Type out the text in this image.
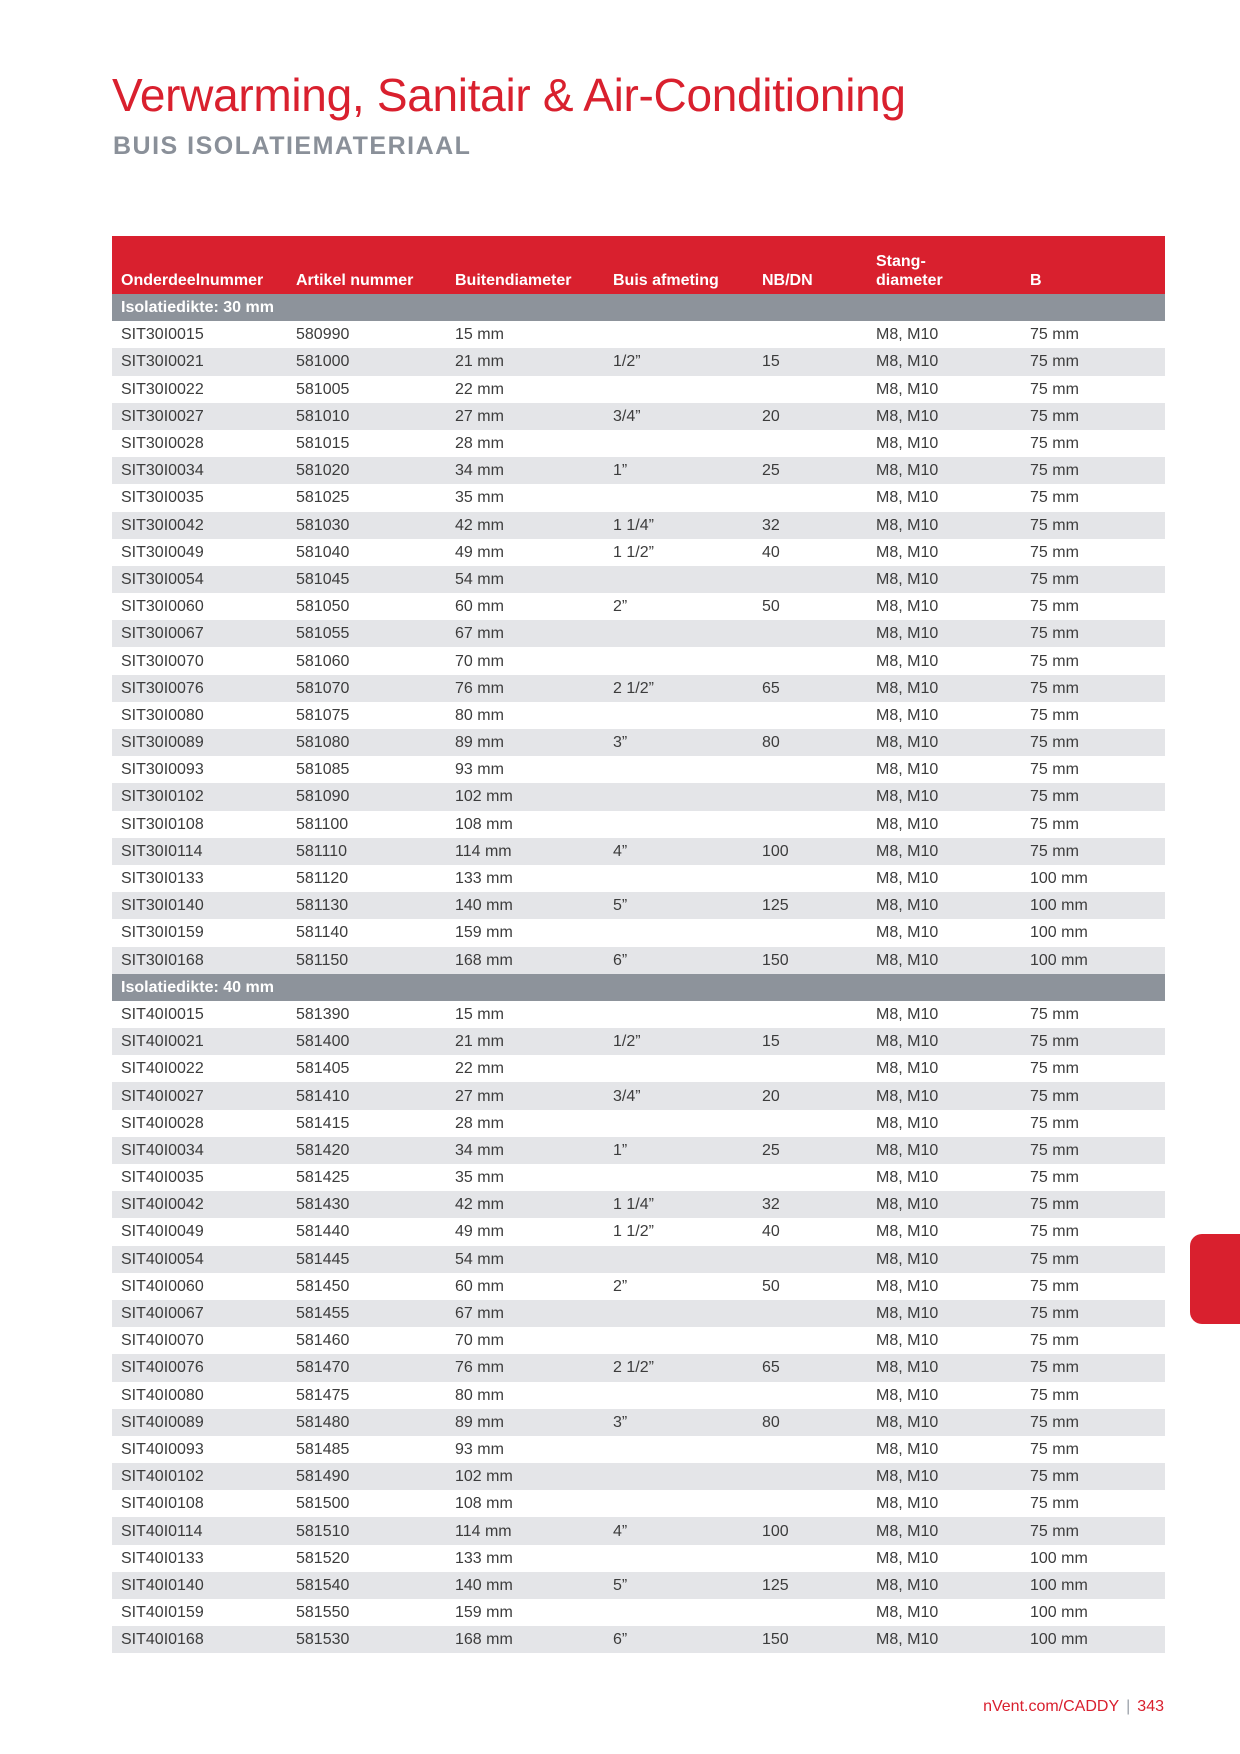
Verwarming, Sanitair & Air-Conditioning
BUIS ISOLATIEMATERIAAL
Onderdeelnummer	Artikel nummer	Buitendiameter	Buis afmeting	NB/DN	Stang-
diameter	B
Isolatiedikte: 30 mm						
SIT30I0015	580990	15 mm			M8, M10	75 mm
SIT30I0021	581000	21 mm	1/2”	15	M8, M10	75 mm
SIT30I0022	581005	22 mm			M8, M10	75 mm
SIT30I0027	581010	27 mm	3/4”	20	M8, M10	75 mm
SIT30I0028	581015	28 mm			M8, M10	75 mm
SIT30I0034	581020	34 mm	1”	25	M8, M10	75 mm
SIT30I0035	581025	35 mm			M8, M10	75 mm
SIT30I0042	581030	42 mm	1 1/4”	32	M8, M10	75 mm
SIT30I0049	581040	49 mm	1 1/2”	40	M8, M10	75 mm
SIT30I0054	581045	54 mm			M8, M10	75 mm
SIT30I0060	581050	60 mm	2”	50	M8, M10	75 mm
SIT30I0067	581055	67 mm			M8, M10	75 mm
SIT30I0070	581060	70 mm			M8, M10	75 mm
SIT30I0076	581070	76 mm	2 1/2”	65	M8, M10	75 mm
SIT30I0080	581075	80 mm			M8, M10	75 mm
SIT30I0089	581080	89 mm	3”	80	M8, M10	75 mm
SIT30I0093	581085	93 mm			M8, M10	75 mm
SIT30I0102	581090	102 mm			M8, M10	75 mm
SIT30I0108	581100	108 mm			M8, M10	75 mm
SIT30I0114	581110	114 mm	4”	100	M8, M10	75 mm
SIT30I0133	581120	133 mm			M8, M10	100 mm
SIT30I0140	581130	140 mm	5”	125	M8, M10	100 mm
SIT30I0159	581140	159 mm			M8, M10	100 mm
SIT30I0168	581150	168 mm	6”	150	M8, M10	100 mm
Isolatiedikte: 40 mm						
SIT40I0015	581390	15 mm			M8, M10	75 mm
SIT40I0021	581400	21 mm	1/2”	15	M8, M10	75 mm
SIT40I0022	581405	22 mm			M8, M10	75 mm
SIT40I0027	581410	27 mm	3/4”	20	M8, M10	75 mm
SIT40I0028	581415	28 mm			M8, M10	75 mm
SIT40I0034	581420	34 mm	1”	25	M8, M10	75 mm
SIT40I0035	581425	35 mm			M8, M10	75 mm
SIT40I0042	581430	42 mm	1 1/4”	32	M8, M10	75 mm
SIT40I0049	581440	49 mm	1 1/2”	40	M8, M10	75 mm
SIT40I0054	581445	54 mm			M8, M10	75 mm
SIT40I0060	581450	60 mm	2”	50	M8, M10	75 mm
SIT40I0067	581455	67 mm			M8, M10	75 mm
SIT40I0070	581460	70 mm			M8, M10	75 mm
SIT40I0076	581470	76 mm	2 1/2”	65	M8, M10	75 mm
SIT40I0080	581475	80 mm			M8, M10	75 mm
SIT40I0089	581480	89 mm	3”	80	M8, M10	75 mm
SIT40I0093	581485	93 mm			M8, M10	75 mm
SIT40I0102	581490	102 mm			M8, M10	75 mm
SIT40I0108	581500	108 mm			M8, M10	75 mm
SIT40I0114	581510	114 mm	4”	100	M8, M10	75 mm
SIT40I0133	581520	133 mm			M8, M10	100 mm
SIT40I0140	581540	140 mm	5”	125	M8, M10	100 mm
SIT40I0159	581550	159 mm			M8, M10	100 mm
SIT40I0168	581530	168 mm	6”	150	M8, M10	100 mm
nVent.com/CADDY | 343
